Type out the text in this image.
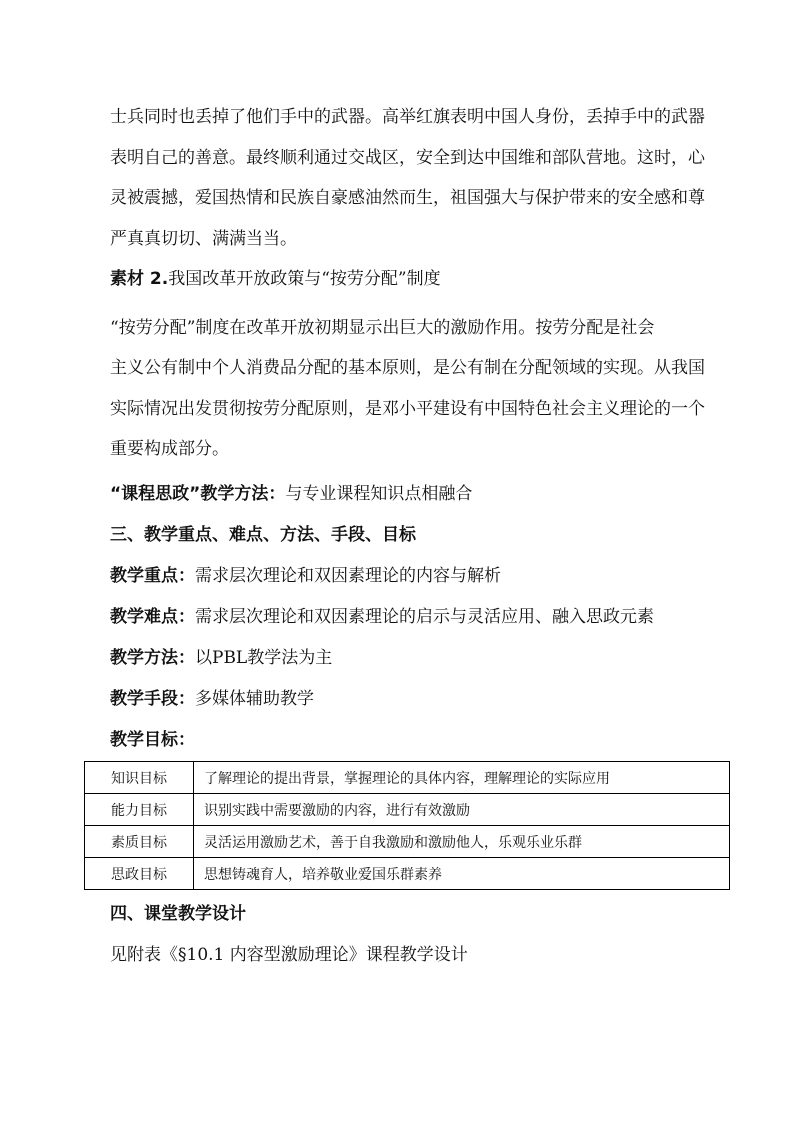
士兵同时也丢掉了他们手中的武器。高举红旗表明中国人身份，丢掉手中的武器

表明自己的善意。最终顺利通过交战区，安全到达中国维和部队营地。这时，心

灵被震撼，爱国热情和民族自豪感油然而生，祖国强大与保护带来的安全感和尊

严真真切切、满满当当。

素材 2.我国改革开放政策与“按劳分配”制度

“按劳分配”制度在改革开放初期显示出巨大的激励作用。按劳分配是社会

主义公有制中个人消费品分配的基本原则，是公有制在分配领域的实现。从我国

实际情况出发贯彻按劳分配原则，是邓小平建设有中国特色社会主义理论的一个

重要构成部分。

“课程思政”教学方法：与专业课程知识点相融合

三、教学重点、难点、方法、手段、目标

教学重点：需求层次理论和双因素理论的内容与解析

教学难点：需求层次理论和双因素理论的启示与灵活应用、融入思政元素

教学方法：以PBL教学法为主

教学手段：多媒体辅助教学

教学目标：

知识目标	了解理论的提出背景，掌握理论的具体内容，理解理论的实际应用
能力目标	识别实践中需要激励的内容，进行有效激励
素质目标	灵活运用激励艺术，善于自我激励和激励他人，乐观乐业乐群
思政目标	思想铸魂育人，培养敬业爱国乐群素养

四、课堂教学设计

见附表《§10.1 内容型激励理论》课程教学设计
